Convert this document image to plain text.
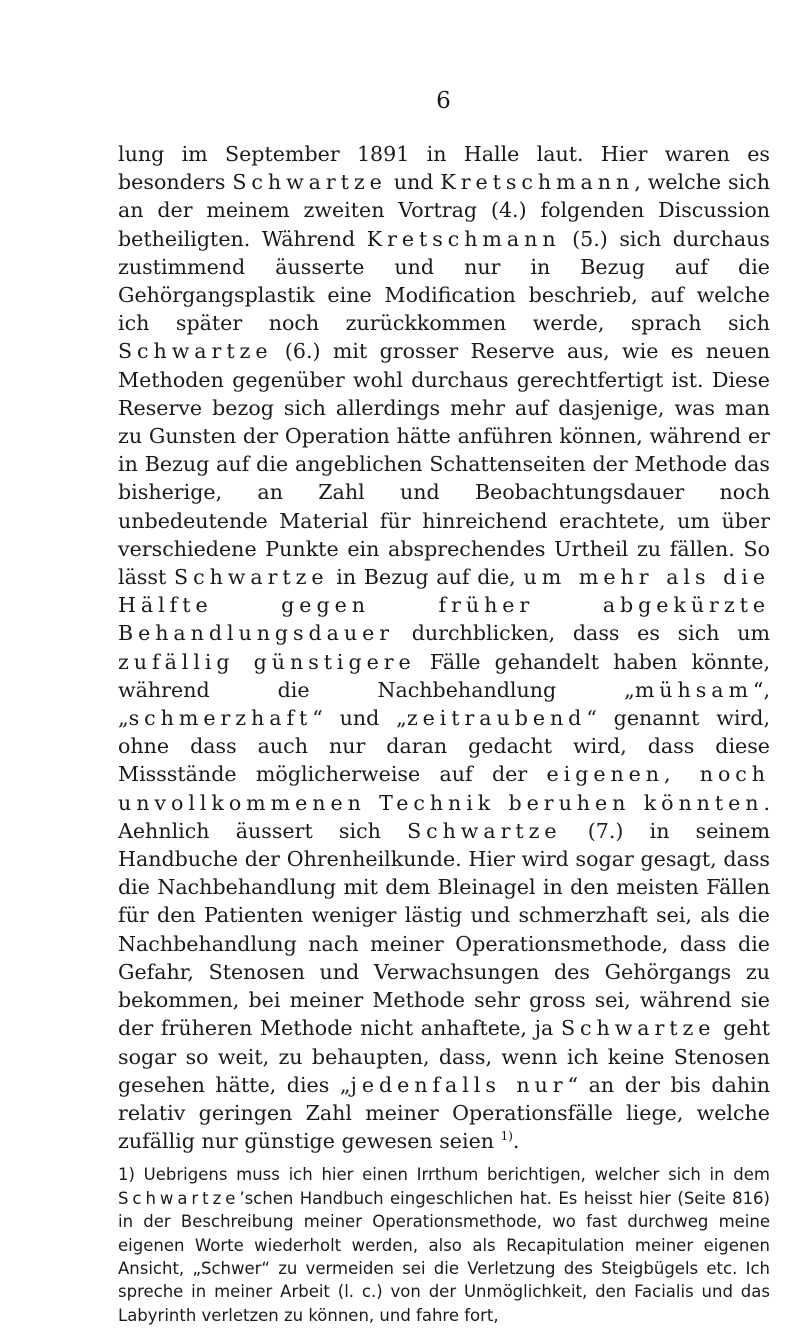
6

lung im September 1891 in Halle laut. Hier waren es besonders Schwartze und Kretschmann, welche sich an der meinem zweiten Vortrag (4.) folgenden Discussion betheiligten. Während Kretschmann (5.) sich durchaus zustimmend äusserte und nur in Bezug auf die Gehörgangsplastik eine Modification beschrieb, auf welche ich später noch zurückkommen werde, sprach sich Schwartze (6.) mit grosser Reserve aus, wie es neuen Methoden gegenüber wohl durchaus gerechtfertigt ist. Diese Reserve bezog sich allerdings mehr auf dasjenige, was man zu Gunsten der Operation hätte anführen können, während er in Bezug auf die angeblichen Schattenseiten der Methode das bisherige, an Zahl und Beobachtungsdauer noch unbedeutende Material für hinreichend erachtete, um über verschiedene Punkte ein absprechendes Urtheil zu fällen. So lässt Schwartze in Bezug auf die, um mehr als die Hälfte gegen früher abgekürzte Behandlungsdauer durchblicken, dass es sich um zufällig günstigere Fälle gehandelt haben könnte, während die Nachbehandlung „mühsam“, „schmerzhaft“ und „zeitraubend“ genannt wird, ohne dass auch nur daran gedacht wird, dass diese Missstände möglicherweise auf der eigenen, noch unvollkommenen Technik beruhen könnten. Aehnlich äussert sich Schwartze (7.) in seinem Handbuche der Ohrenheilkunde. Hier wird sogar gesagt, dass die Nachbehandlung mit dem Bleinagel in den meisten Fällen für den Patienten weniger lästig und schmerzhaft sei, als die Nachbehandlung nach meiner Operationsmethode, dass die Gefahr, Stenosen und Verwachsungen des Gehörgangs zu bekommen, bei meiner Methode sehr gross sei, während sie der früheren Methode nicht anhaftete, ja Schwartze geht sogar so weit, zu behaupten, dass, wenn ich keine Stenosen gesehen hätte, dies „jedenfalls nur“ an der bis dahin relativ geringen Zahl meiner Operationsfälle liege, welche zufällig nur günstige gewesen seien $^{1)}$.

1) Uebrigens muss ich hier einen Irrthum berichtigen, welcher sich in dem Schwartze’schen Handbuch eingeschlichen hat. Es heisst hier (Seite 816) in der Beschreibung meiner Operationsmethode, wo fast durchweg meine eigenen Worte wiederholt werden, also als Recapitulation meiner eigenen Ansicht, „Schwer“ zu vermeiden sei die Verletzung des Steigbügels etc. Ich spreche in meiner Arbeit (l. c.) von der Unmöglichkeit, den Facialis und das Labyrinth verletzen zu können, und fahre fort,
